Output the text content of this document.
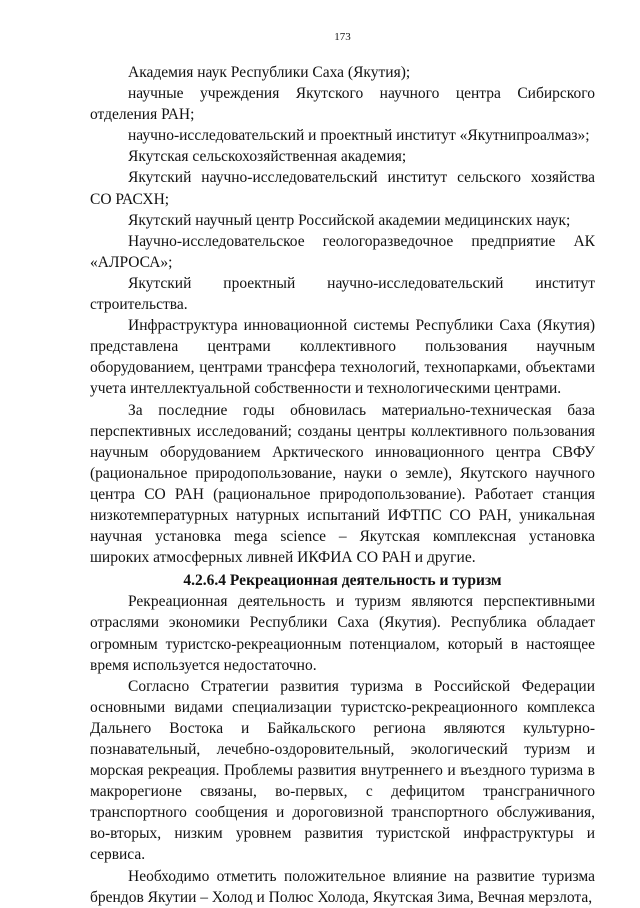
173

Академия наук Республики Саха (Якутия);

научные учреждения Якутского научного центра Сибирского отделения РАН;

научно-исследовательский и проектный институт «Якутнипроалмаз»;

Якутская сельскохозяйственная академия;

Якутский научно-исследовательский институт сельского хозяйства СО РАСХН;

Якутский научный центр Российской академии медицинских наук;

Научно-исследовательское геологоразведочное предприятие АК «АЛРОСА»;

Якутский проектный научно-исследовательский институт строительства.

Инфраструктура инновационной системы Республики Саха (Якутия) представлена центрами коллективного пользования научным оборудованием, центрами трансфера технологий, технопарками, объектами учета интеллектуальной собственности и технологическими центрами.

За последние годы обновилась материально-техническая база перспективных исследований; созданы центры коллективного пользования научным оборудованием Арктического инновационного центра СВФУ (рациональное природопользование, науки о земле), Якутского научного центра СО РАН (рациональное природопользование). Работает станция низкотемпературных натурных испытаний ИФТПС СО РАН, уникальная научная установка mega science – Якутская комплексная установка широких атмосферных ливней ИКФИА СО РАН и другие.

4.2.6.4 Рекреационная деятельность и туризм

Рекреационная деятельность и туризм являются перспективными отраслями экономики Республики Саха (Якутия). Республика обладает огромным туристско-рекреационным потенциалом, который в настоящее время используется недостаточно.

Согласно Стратегии развития туризма в Российской Федерации основными видами специализации туристско-рекреационного комплекса Дальнего Востока и Байкальского региона являются культурно-познавательный, лечебно-оздоровительный, экологический туризм и морская рекреация. Проблемы развития внутреннего и въездного туризма в макрорегионе связаны, во-первых, с дефицитом трансграничного транспортного сообщения и дороговизной транспортного обслуживания, во-вторых, низким уровнем развития туристской инфраструктуры и сервиса.

Необходимо отметить положительное влияние на развитие туризма брендов Якутии – Холод и Полюс Холода, Якутская Зима, Вечная мерзлота,
